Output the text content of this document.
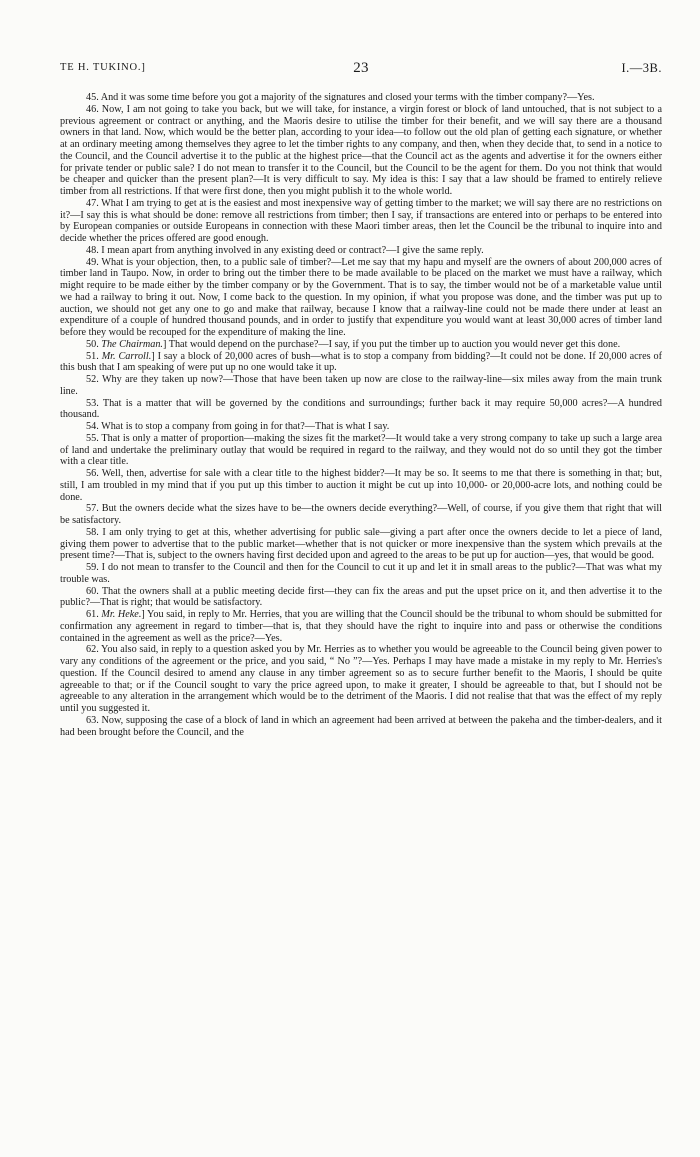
TE H. TUKINO.]	23	I.—3B.

45. And it was some time before you got a majority of the signatures and closed your terms with the timber company?—Yes.

46. Now, I am not going to take you back, but we will take, for instance, a virgin forest or block of land untouched, that is not subject to a previous agreement or contract or anything, and the Maoris desire to utilise the timber for their benefit, and we will say there are a thousand owners in that land. Now, which would be the better plan, according to your idea—to follow out the old plan of getting each signature, or whether at an ordinary meeting among themselves they agree to let the timber rights to any company, and then, when they decide that, to send in a notice to the Council, and the Council advertise it to the public at the highest price—that the Council act as the agents and advertise it for the owners either for private tender or public sale? I do not mean to transfer it to the Council, but the Council to be the agent for them. Do you not think that would be cheaper and quicker than the present plan?—It is very difficult to say. My idea is this: I say that a law should be framed to entirely relieve timber from all restrictions. If that were first done, then you might publish it to the whole world.

47. What I am trying to get at is the easiest and most inexpensive way of getting timber to the market; we will say there are no restrictions on it?—I say this is what should be done: remove all restrictions from timber; then I say, if transactions are entered into or perhaps to be entered into by European companies or outside Europeans in connection with these Maori timber areas, then let the Council be the tribunal to inquire into and decide whether the prices offered are good enough.

48. I mean apart from anything involved in any existing deed or contract?—I give the same reply.

49. What is your objection, then, to a public sale of timber?—Let me say that my hapu and myself are the owners of about 200,000 acres of timber land in Taupo. Now, in order to bring out the timber there to be made available to be placed on the market we must have a railway, which might require to be made either by the timber company or by the Government. That is to say, the timber would not be of a marketable value until we had a railway to bring it out. Now, I come back to the question. In my opinion, if what you propose was done, and the timber was put up to auction, we should not get any one to go and make that railway, because I know that a railway-line could not be made there under at least an expenditure of a couple of hundred thousand pounds, and in order to justify that expenditure you would want at least 30,000 acres of timber land before they would be recouped for the expenditure of making the line.

50. The Chairman.] That would depend on the purchase?—I say, if you put the timber up to auction you would never get this done.

51. Mr. Carroll.] I say a block of 20,000 acres of bush—what is to stop a company from bidding?—It could not be done. If 20,000 acres of this bush that I am speaking of were put up no one would take it up.

52. Why are they taken up now?—Those that have been taken up now are close to the railway-line—six miles away from the main trunk line.

53. That is a matter that will be governed by the conditions and surroundings; further back it may require 50,000 acres?—A hundred thousand.

54. What is to stop a company from going in for that?—That is what I say.

55. That is only a matter of proportion—making the sizes fit the market?—It would take a very strong company to take up such a large area of land and undertake the preliminary outlay that would be required in regard to the railway, and they would not do so until they got the timber with a clear title.

56. Well, then, advertise for sale with a clear title to the highest bidder?—It may be so. It seems to me that there is something in that; but, still, I am troubled in my mind that if you put up this timber to auction it might be cut up into 10,000- or 20,000-acre lots, and nothing could be done.

57. But the owners decide what the sizes have to be—the owners decide everything?—Well, of course, if you give them that right that will be satisfactory.

58. I am only trying to get at this, whether advertising for public sale—giving a part after once the owners decide to let a piece of land, giving them power to advertise that to the public market—whether that is not quicker or more inexpensive than the system which prevails at the present time?—That is, subject to the owners having first decided upon and agreed to the areas to be put up for auction—yes, that would be good.

59. I do not mean to transfer to the Council and then for the Council to cut it up and let it in small areas to the public?—That was what my trouble was.

60. That the owners shall at a public meeting decide first—they can fix the areas and put the upset price on it, and then advertise it to the public?—That is right; that would be satisfactory.

61. Mr. Heke.] You said, in reply to Mr. Herries, that you are willing that the Council should be the tribunal to whom should be submitted for confirmation any agreement in regard to timber—that is, that they should have the right to inquire into and pass or otherwise the conditions contained in the agreement as well as the price?—Yes.

62. You also said, in reply to a question asked you by Mr. Herries as to whether you would be agreeable to the Council being given power to vary any conditions of the agreement or the price, and you said, “ No ”?—Yes. Perhaps I may have made a mistake in my reply to Mr. Herries's question. If the Council desired to amend any clause in any timber agreement so as to secure further benefit to the Maoris, I should be quite agreeable to that; or if the Council sought to vary the price agreed upon, to make it greater, I should be agreeable to that, but I should not be agreeable to any alteration in the arrangement which would be to the detriment of the Maoris. I did not realise that that was the effect of my reply until you suggested it.

63. Now, supposing the case of a block of land in which an agreement had been arrived at between the pakeha and the timber-dealers, and it had been brought before the Council, and the
